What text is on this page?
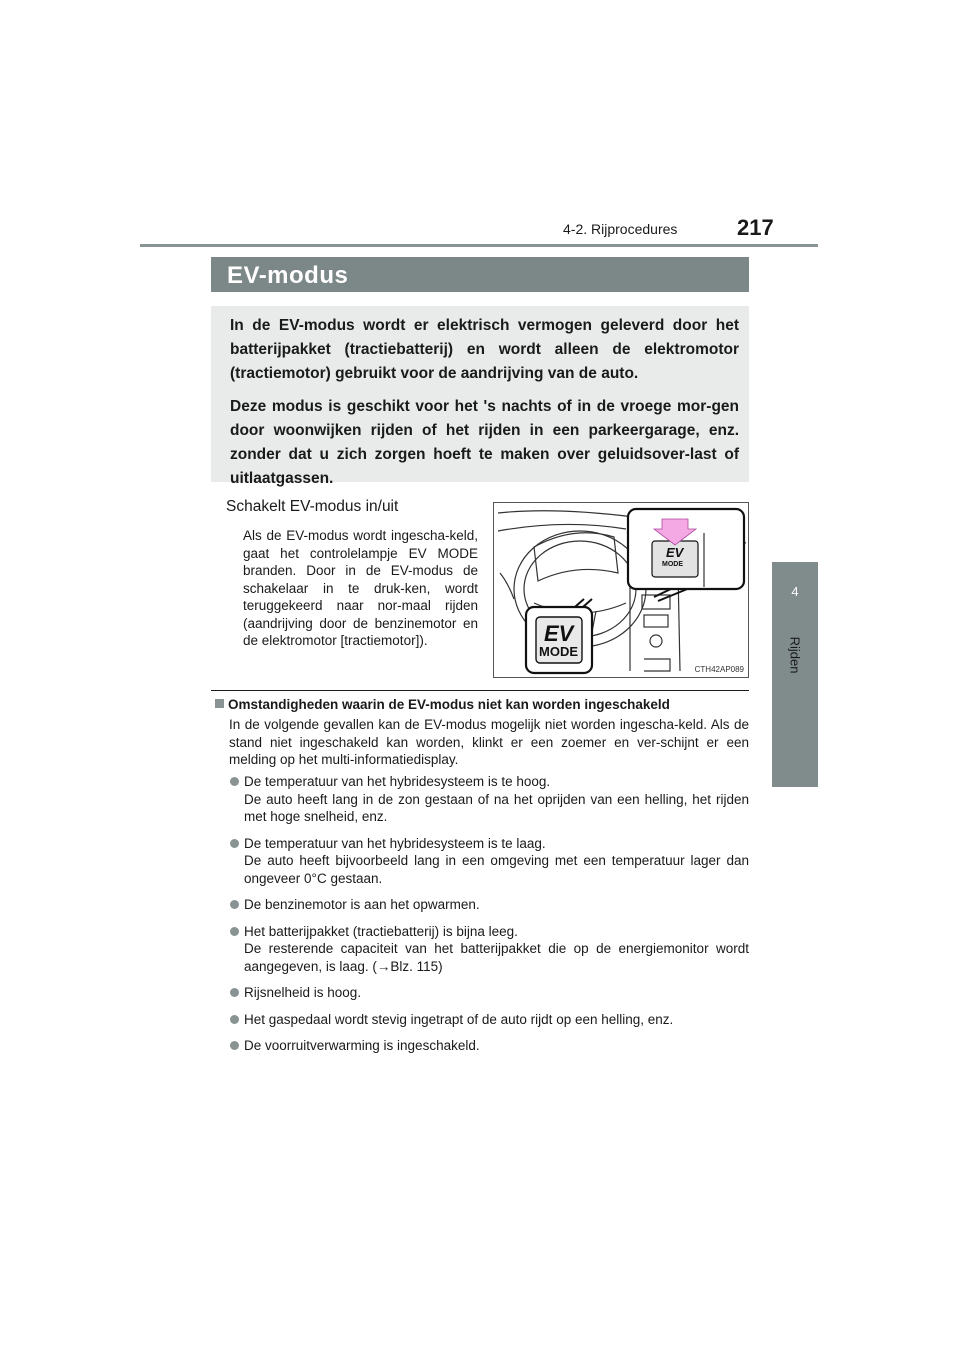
217
4-2. Rijprocedures
4
Rijden
EV-modus

In de EV-modus wordt er elektrisch vermogen geleverd door het batterijpakket (tractiebatterij) en wordt alleen de elektromotor (tractiemotor) gebruikt voor de aandrijving van de auto.

Deze modus is geschikt voor het 's nachts of in de vroege mor-gen door woonwijken rijden of het rijden in een parkeergarage, enz. zonder dat u zich zorgen hoeft te maken over geluidsover-last of uitlaatgassen.

Schakelt EV-modus in/uit

Als de EV-modus wordt ingescha-keld, gaat het controlelampje EV MODE branden. Door in de EV-modus de schakelaar in te druk-ken, wordt teruggekeerd naar nor-maal rijden (aandrijving door de benzinemotor en de elektromotor [tractiemotor]).	EV
MODE
EV
MODE
CTH42AP089
Omstandigheden waarin de EV-modus niet kan worden ingeschakeld

In de volgende gevallen kan de EV-modus mogelijk niet worden ingescha-keld. Als de stand niet ingeschakeld kan worden, klinkt er een zoemer en ver-schijnt er een melding op het multi-informatiedisplay.

De temperatuur van het hybridesysteem is te hoog.
De auto heeft lang in de zon gestaan of na het oprijden van een helling, het rijden met hoge snelheid, enz.
De temperatuur van het hybridesysteem is te laag.
De auto heeft bijvoorbeeld lang in een omgeving met een temperatuur lager dan ongeveer 0°C gestaan.
De benzinemotor is aan het opwarmen.
Het batterijpakket (tractiebatterij) is bijna leeg.
De resterende capaciteit van het batterijpakket die op de energiemonitor wordt aangegeven, is laag. (→Blz. 115)
Rijsnelheid is hoog.
Het gaspedaal wordt stevig ingetrapt of de auto rijdt op een helling, enz.
De voorruitverwarming is ingeschakeld.
